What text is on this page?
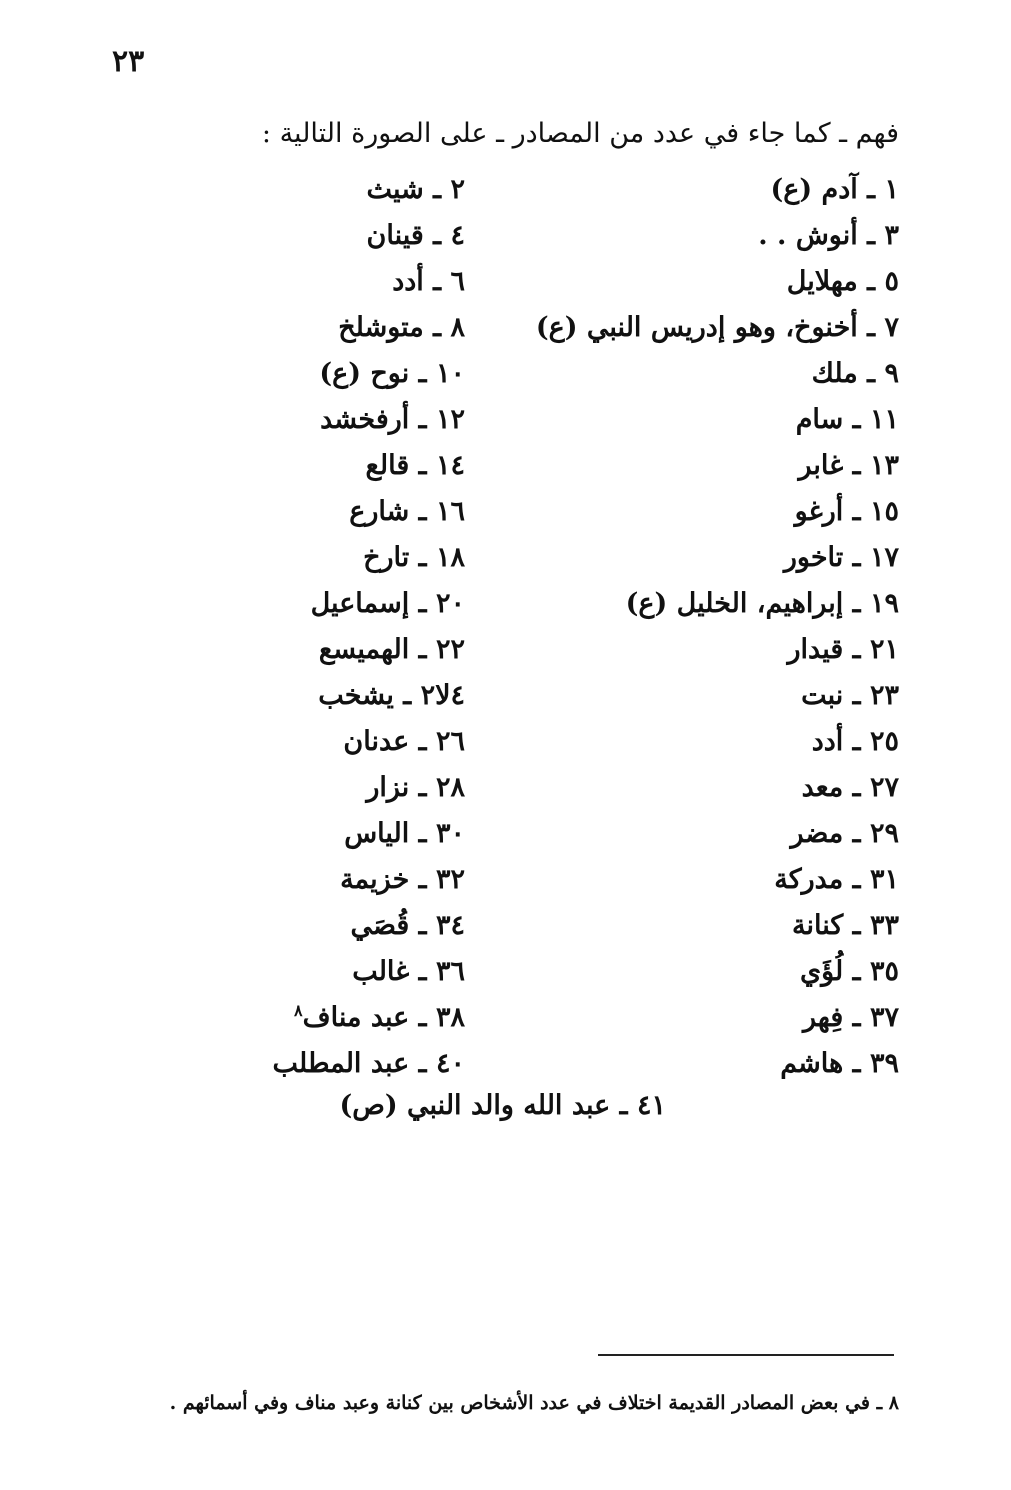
٢٣
فهم ـ كما جاء في عدد من المصادر ـ على الصورة التالية :
١ ـ آدم (ع)
٣ ـ أنوش . .
٥ ـ مهلايل
٧ ـ أخنوخ، وهو إدريس النبي (ع)
٩ ـ ملك
١١ ـ سام
١٣ ـ غابر
١٥ ـ أرغو
١٧ ـ تاخور
١٩ ـ إبراهيم، الخليل (ع)
٢١ ـ قيدار
٢٣ ـ نبت
٢٥ ـ أدد
٢٧ ـ معد
٢٩ ـ مضر
٣١ ـ مدركة
٣٣ ـ كنانة
٣٥ ـ لُؤَي
٣٧ ـ فِهر
٣٩ ـ هاشم
٢ ـ شيث
٤ ـ قينان
٦ ـ أدد
٨ ـ متوشلخ
١٠ ـ نوح (ع)
١٢ ـ أرفخشد
١٤ ـ قالع
١٦ ـ شارع
١٨ ـ تارخ
٢٠ ـ إسماعيل
٢٢ ـ الهميسع
٤لا٢ ـ يشخب
٢٦ ـ عدنان
٢٨ ـ نزار
٣٠ ـ الياس
٣٢ ـ خزيمة
٣٤ ـ قُصَي
٣٦ ـ غالب
٣٨ ـ عبد مناف$^٨$
٤٠ ـ عبد المطلب
٤١ ـ عبد الله والد النبي (ص)
٨ ـ في بعض المصادر القديمة اختلاف في عدد الأشخاص بين كنانة وعبد مناف وفي أسمائهم .
